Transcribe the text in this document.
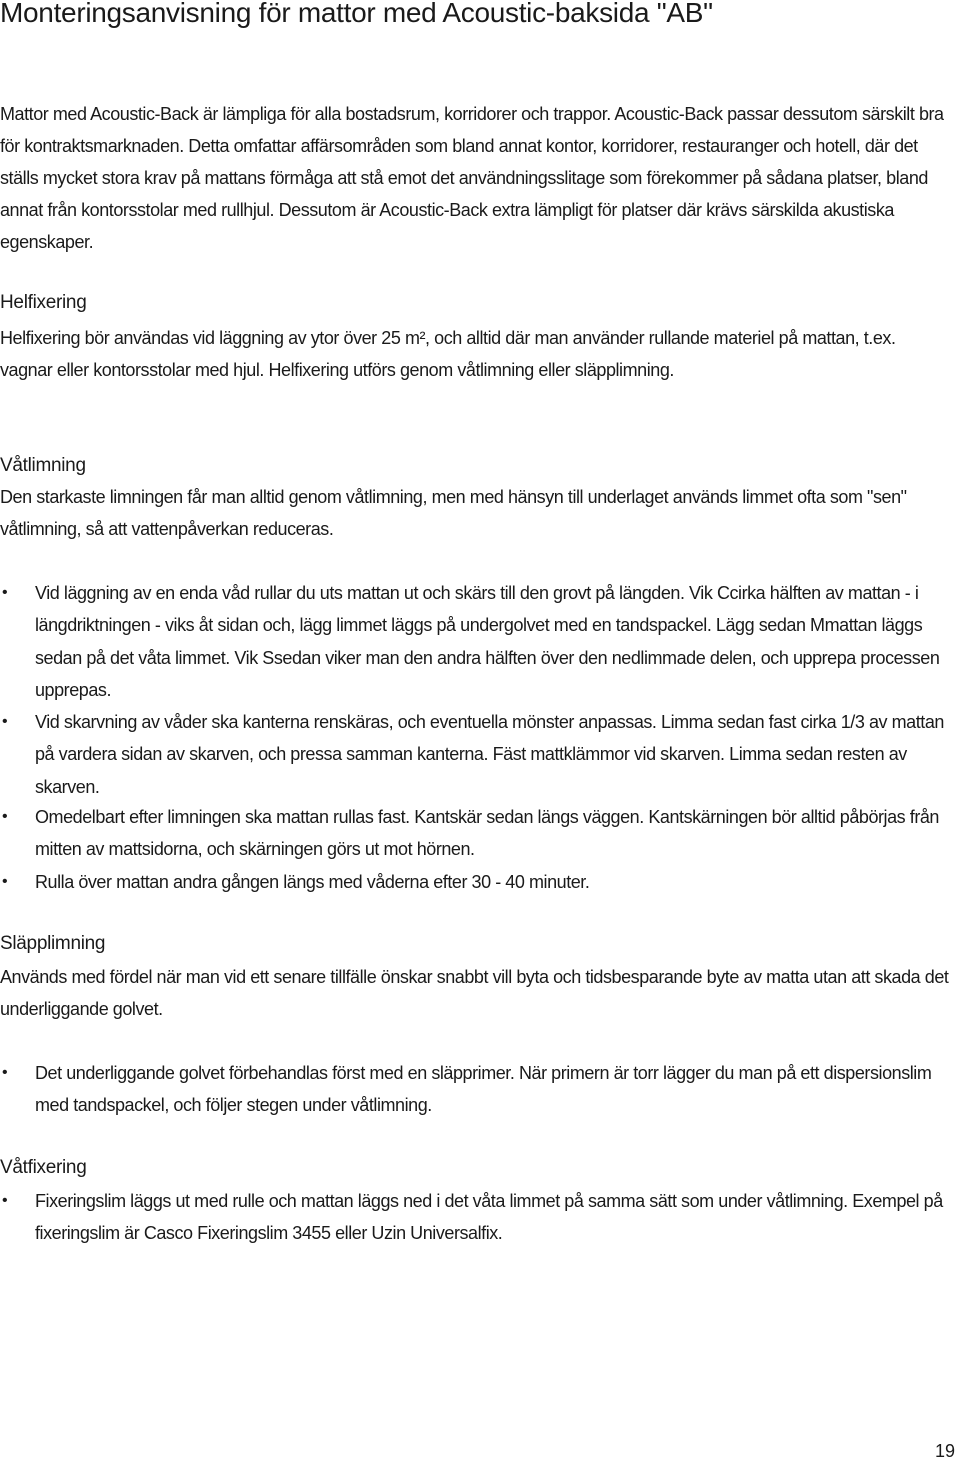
Monteringsanvisning för mattor med Acoustic-baksida "AB"

Mattor med Acoustic-Back är lämpliga för alla bostadsrum, korridorer och trappor. Acoustic-Back passar dessutom särskilt bra för kontraktsmarknaden. Detta omfattar affärsområden som bland annat kontor, korridorer, restauranger och hotell, där det ställs mycket stora krav på mattans förmåga att stå emot det användningsslitage som förekommer på sådana platser, bland annat från kontorsstolar med rullhjul. Dessutom är Acoustic-Back extra lämpligt för platser där krävs särskilda akustiska egenskaper.

Helfixering

Helfixering bör användas vid läggning av ytor över 25 m², och alltid där man använder rullande materiel på mattan, t.ex. vagnar eller kontorsstolar med hjul. Helfixering utförs genom våtlimning eller släpplimning.

Våtlimning

Den starkaste limningen får man alltid genom våtlimning, men med hänsyn till underlaget används limmet ofta som "sen" våtlimning, så att vattenpåverkan reduceras.

•	Vid läggning av en enda våd rullar du uts mattan ut och skärs till den grovt på längden. Vik Ccirka hälften av mattan - i längdriktningen - viks åt sidan och, lägg limmet läggs på undergolvet med en tandspackel. Lägg sedan Mmattan läggs sedan på det våta limmet. Vik Ssedan viker man den andra hälften över den nedlimmade delen, och upprepa processen upprepas.
•	Vid skarvning av våder ska kanterna renskäras, och eventuella mönster anpassas. Limma sedan fast cirka 1/3 av mattan på vardera sidan av skarven, och pressa samman kanterna. Fäst mattklämmor vid skarven. Limma sedan resten av skarven.
•	Omedelbart efter limningen ska mattan rullas fast. Kantskär sedan längs väggen. Kantskärningen bör alltid påbörjas från mitten av mattsidorna, och skärningen görs ut mot hörnen.
•	Rulla över mattan andra gången längs med våderna efter 30 - 40 minuter.
Släpplimning

Används med fördel när man vid ett senare tillfälle önskar snabbt vill byta och tidsbesparande byte av matta utan att skada det underliggande golvet.

•	Det underliggande golvet förbehandlas först med en släpprimer. När primern är torr lägger du man på ett dispersionslim med tandspackel, och följer stegen under våtlimning.
Våtfixering
•	Fixeringslim läggs ut med rulle och mattan läggs ned i det våta limmet på samma sätt som under våtlimning. Exempel på fixeringslim är Casco Fixeringslim 3455 eller Uzin Universalfix.
19
